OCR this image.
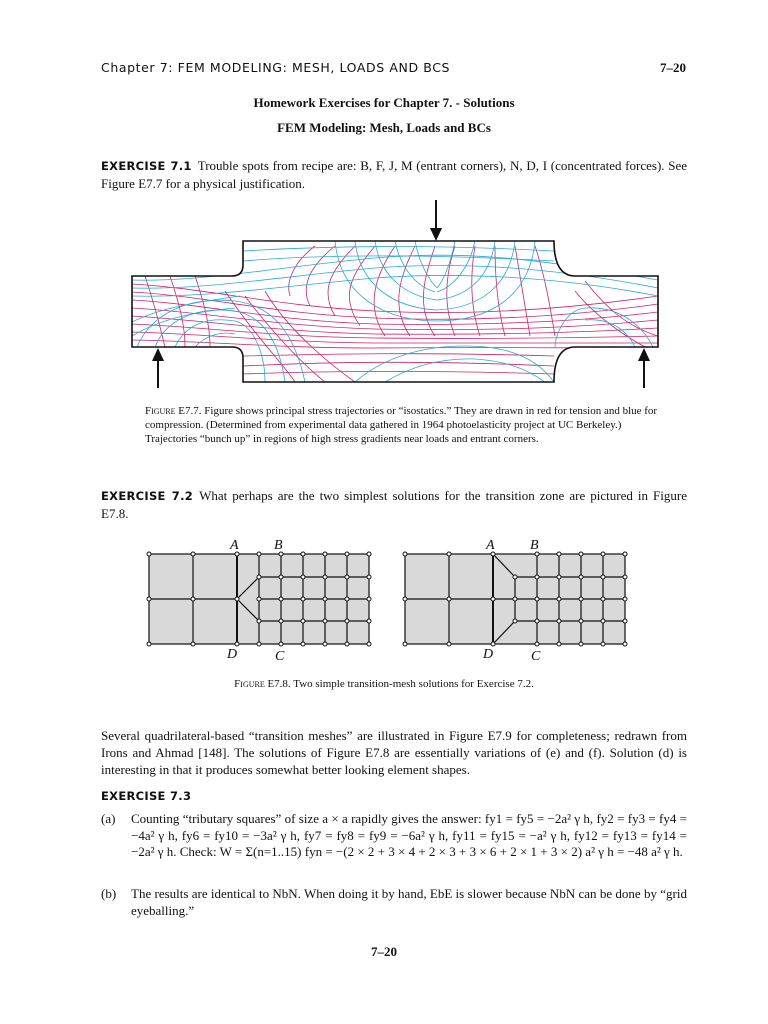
Chapter 7: FEM MODELING: MESH, LOADS AND BCS	7–20
Homework Exercises for Chapter 7. - Solutions
FEM Modeling: Mesh, Loads and BCs
EXERCISE 7.1 Trouble spots from recipe are: B, F, J, M (entrant corners), N, D, I (concentrated forces). See Figure E7.7 for a physical justification.
Figure E7.7. Figure shows principal stress trajectories or “isostatics.” They are drawn in red for tension and blue for compression. (Determined from experimental data gathered in 1964 photoelasticity project at UC Berkeley.) Trajectories “bunch up” in regions of high stress gradients near loads and entrant corners.
EXERCISE 7.2 What perhaps are the two simplest solutions for the transition zone are pictured in Figure E7.8.
A	B
D	C
A	B
D	C
Figure E7.8. Two simple transition-mesh solutions for Exercise 7.2.
Several quadrilateral-based “transition meshes” are illustrated in Figure E7.9 for completeness; redrawn from Irons and Ahmad [148]. The solutions of Figure E7.8 are essentially variations of (e) and (f). Solution (d) is interesting in that it produces somewhat better looking element shapes.
EXERCISE 7.3
(a) Counting “tributary squares” of size a × a rapidly gives the answer: fy1 = fy5 = −2a² γ h, fy2 = fy3 = fy4 = −4a² γ h, fy6 = fy10 = −3a² γ h, fy7 = fy8 = fy9 = −6a² γ h, fy11 = fy15 = −a² γ h, fy12 = fy13 = fy14 = −2a² γ h. Check: W = Σ(n=1..15) fyn = −(2 × 2 + 3 × 4 + 2 × 3 + 3 × 6 + 2 × 1 + 3 × 2) a² γ h = −48 a² γ h.
(b) The results are identical to NbN. When doing it by hand, EbE is slower because NbN can be done by “grid eyeballing.”
7–20
